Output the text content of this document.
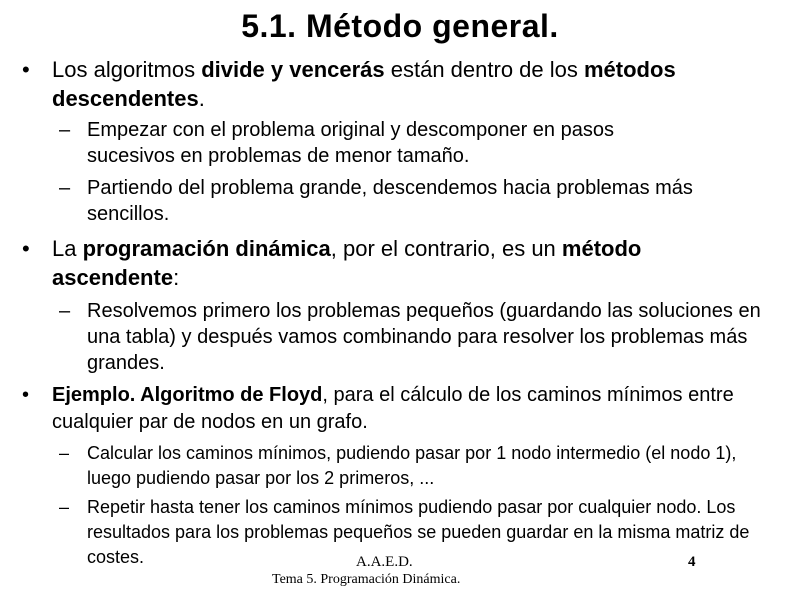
5.1. Método general.
• Los algoritmos divide y vencerás están dentro de los métodos descendentes.
– Empezar con el problema original y descomponer en pasos sucesivos en problemas de menor tamaño.
– Partiendo del problema grande, descendemos hacia problemas más sencillos.
• La programación dinámica, por el contrario, es un método ascendente:
– Resolvemos primero los problemas pequeños (guardando las soluciones en una tabla) y después vamos combinando para resolver los problemas más grandes.
• Ejemplo. Algoritmo de Floyd, para el cálculo de los caminos mínimos entre cualquier par de nodos en un grafo.
– Calcular los caminos mínimos, pudiendo pasar por 1 nodo intermedio (el nodo 1), luego pudiendo pasar por los 2 primeros, ...
– Repetir hasta tener los caminos mínimos pudiendo pasar por cualquier nodo. Los resultados para los problemas pequeños se pueden guardar en la misma matriz de costes.	A.A.E.D.	4
Tema 5. Programación Dinámica.
